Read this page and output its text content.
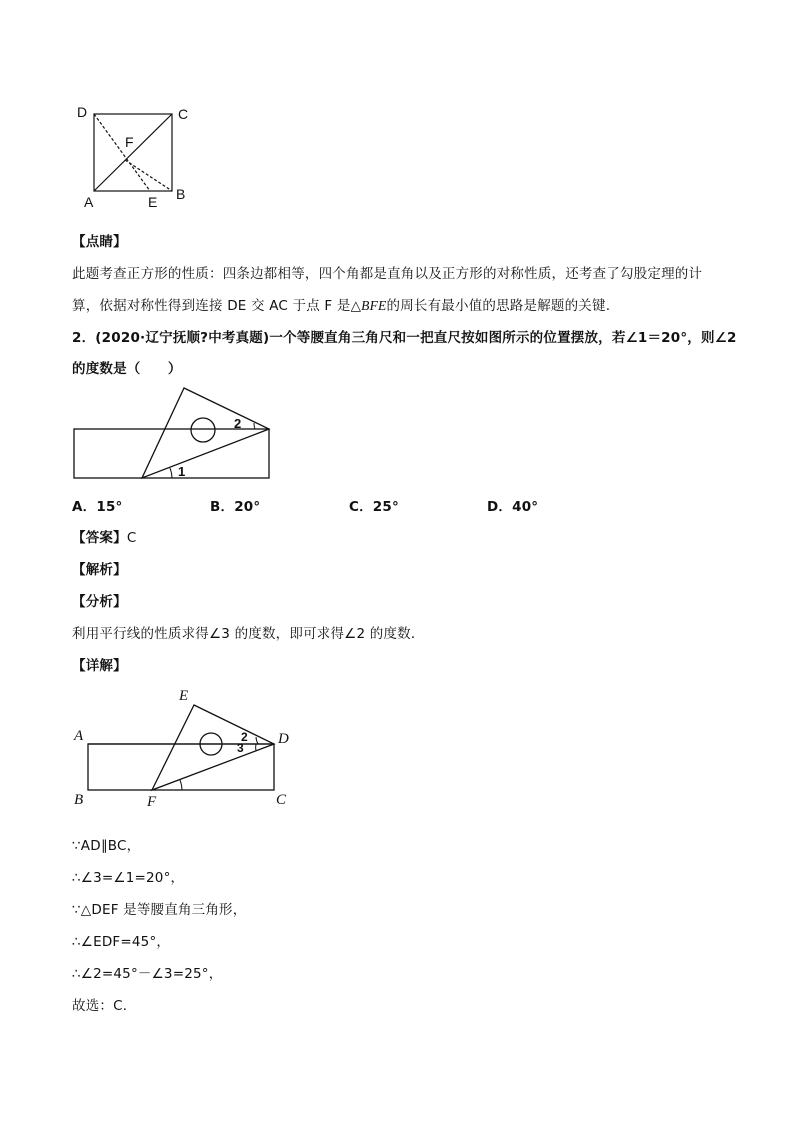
D	C
F
A	E B
【点睛】
此题考查正方形的性质：四条边都相等，四个角都是直角以及正方形的对称性质，还考查了勾股定理的计
算，依据对称性得到连接 DE 交 AC 于点 F 是△BFE的周长有最小值的思路是解题的关键.
2．(2020·辽宁抚顺?中考真题)一个等腰直角三角尺和一把直尺按如图所示的位置摆放，若∠1＝20°，则∠2
的度数是（　　）
2
1
A．15°	B．20°	C．25°	D．40°
【答案】C
【解析】
【分析】
利用平行线的性质求得∠3 的度数，即可求得∠2 的度数．
【详解】
E
A	D
2
3
B	F	C
∵AD∥BC，
∴∠3=∠1=20°，
∵△DEF 是等腰直角三角形，
∴∠EDF=45°，
∴∠2=45°－∠3=25°，
故选：C．
